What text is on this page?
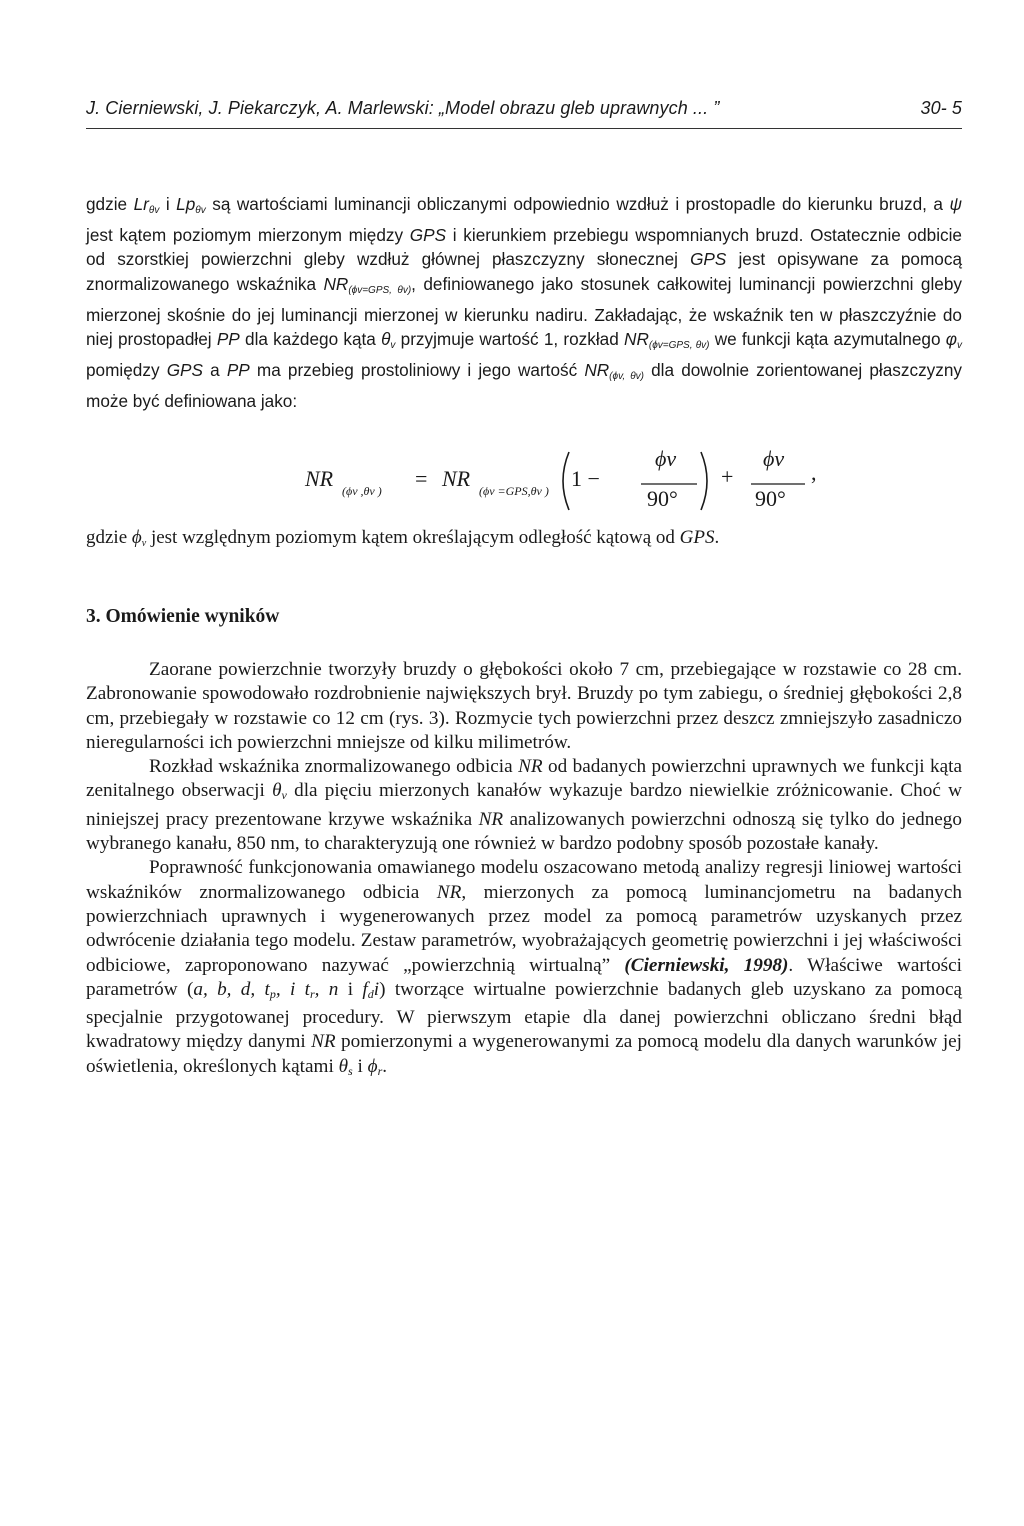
J. Cierniewski, J. Piekarczyk, A. Marlewski: „Model obrazu gleb uprawnych ... ”	30- 5
gdzie $Lr_{\theta v}$ i $Lp_{\theta v}$ są wartościami luminancji obliczanymi odpowiednio wzdłuż i prostopadle do kierunku bruzd, a ψ jest kątem poziomym mierzonym między GPS i kierunkiem przebiegu wspomnianych bruzd. Ostatecznie odbicie od szorstkiej powierzchni gleby wzdłuż głównej płaszczyzny słonecznej GPS jest opisywane za pomocą znormalizowanego wskaźnika $NR_{(\phi v=GPS, \theta v)}$, definiowanego jako stosunek całkowitej luminancji powierzchni gleby mierzonej skośnie do jej luminancji mierzonej w kierunku nadiru. Zakładając, że wskaźnik ten w płaszczyźnie do niej prostopadłej PP dla każdego kąta $\theta_v$ przyjmuje wartość 1, rozkład $NR_{(\phi v=GPS, \theta v)}$ we funkcji kąta azymutalnego $\varphi_v$ pomiędzy GPS a PP ma przebieg prostoliniowy i jego wartość $NR_{(\phi v, \theta v)}$ dla dowolnie zorientowanej płaszczyzny może być definiowana jako:
NR (ϕv ,θv ) = NR (ϕv =GPS,θv ) 1 −
ϕv
90°
+
ϕv
90°
,
gdzie $\phi_v$ jest względnym poziomym kątem określającym odległość kątową od GPS.
3. Omówienie wyników

Zaorane powierzchnie tworzyły bruzdy o głębokości około 7 cm, przebiegające w rozstawie co 28 cm. Zabronowanie spowodowało rozdrobnienie największych brył. Bruzdy po tym zabiegu, o średniej głębokości 2,8 cm, przebiegały w rozstawie co 12 cm (rys. 3). Rozmycie tych powierzchni przez deszcz zmniejszyło zasadniczo nieregularności ich powierzchni mniejsze od kilku milimetrów.

Rozkład wskaźnika znormalizowanego odbicia NR od badanych powierzchni uprawnych we funkcji kąta zenitalnego obserwacji $\theta_v$ dla pięciu mierzonych kanałów wykazuje bardzo niewielkie zróżnicowanie. Choć w niniejszej pracy prezentowane krzywe wskaźnika NR analizowanych powierzchni odnoszą się tylko do jednego wybranego kanału, 850 nm, to charakteryzują one również w bardzo podobny sposób pozostałe kanały.

Poprawność funkcjonowania omawianego modelu oszacowano metodą analizy regresji liniowej wartości wskaźników znormalizowanego odbicia NR, mierzonych za pomocą luminancjometru na badanych powierzchniach uprawnych i wygenerowanych przez model za pomocą parametrów uzyskanych przez odwrócenie działania tego modelu. Zestaw parametrów, wyobrażających geometrię powierzchni i jej właściwości odbiciowe, zaproponowano nazywać „powierzchnią wirtualną” (Cierniewski, 1998). Właściwe wartości parametrów (a, b, d, $t_p$, i $t_r$, n i $f_di$) tworzące wirtualne powierzchnie badanych gleb uzyskano za pomocą specjalnie przygotowanej procedury. W pierwszym etapie dla danej powierzchni obliczano średni błąd kwadratowy między danymi NR pomierzonymi a wygenerowanymi za pomocą modelu dla danych warunków jej oświetlenia, określonych kątami $\theta_s$ i $\phi_r$.
